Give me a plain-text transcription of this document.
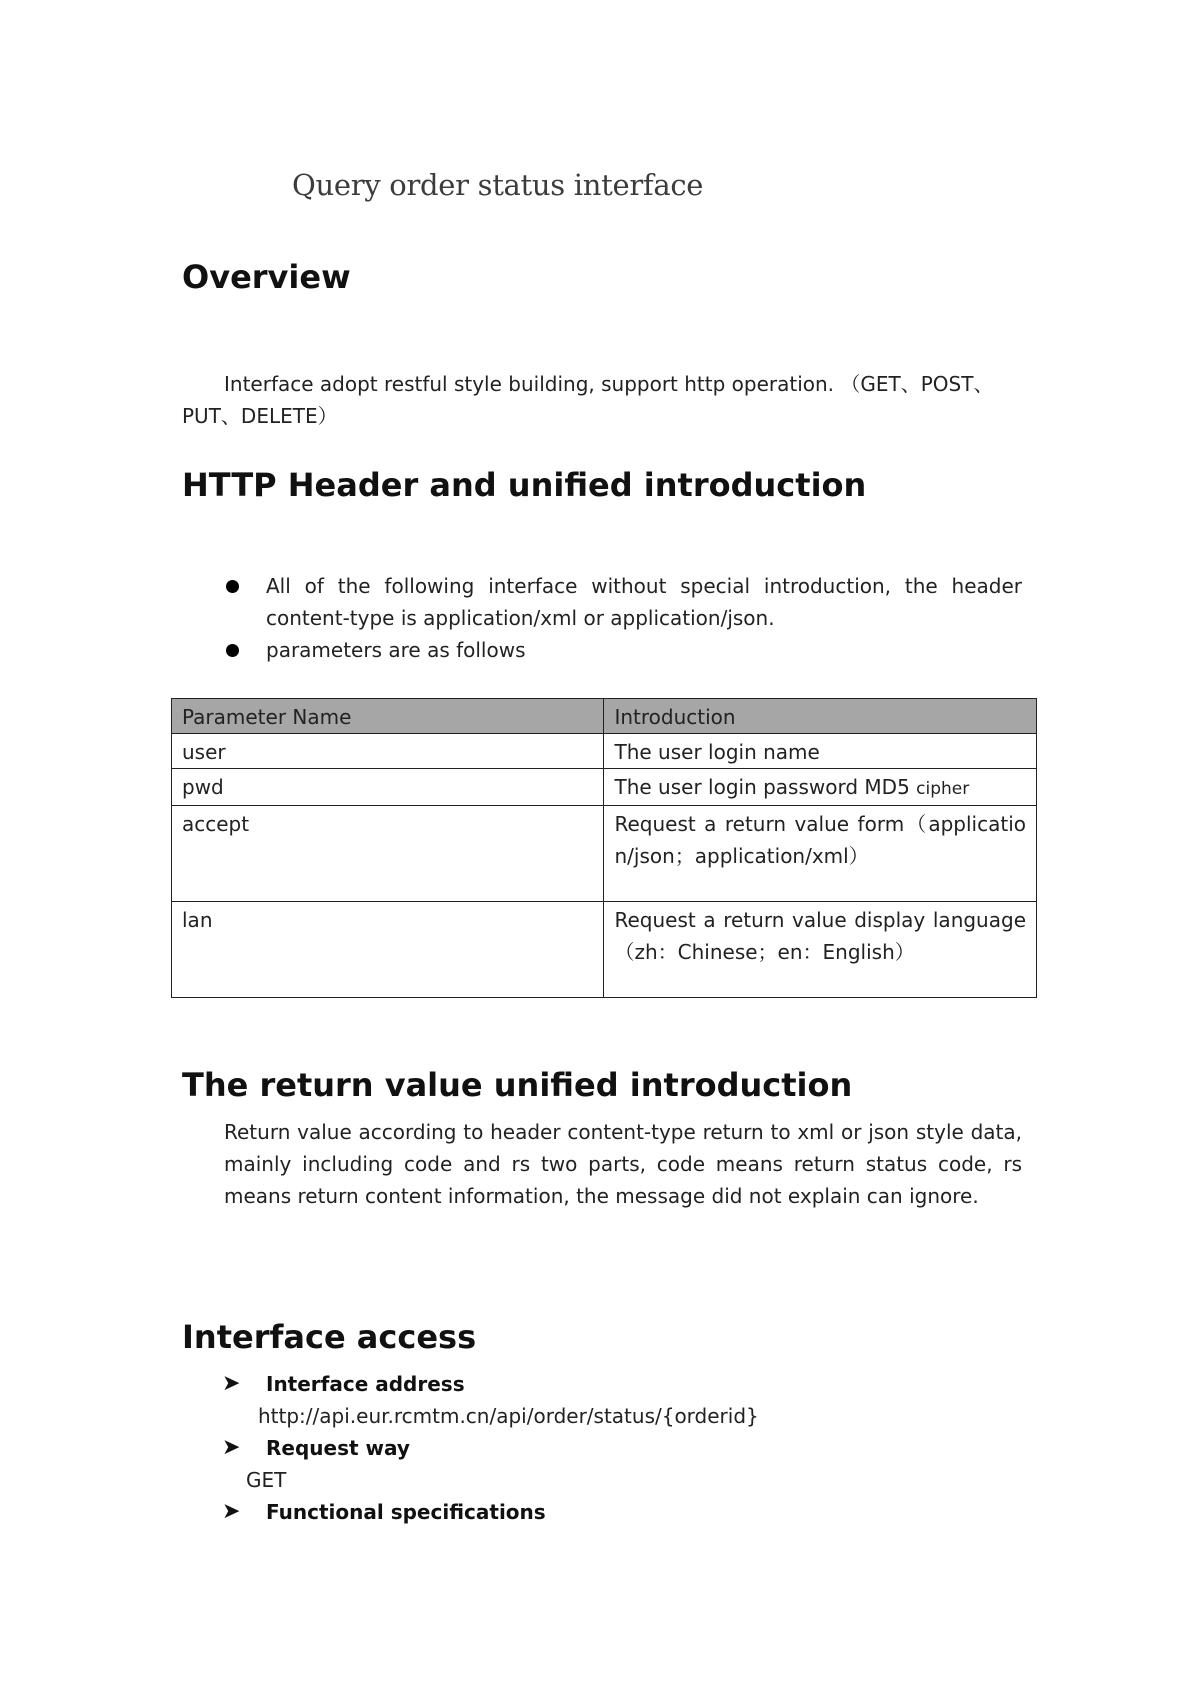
Query order status interface
Overview

Interface adopt restful style building, support http operation. （GET、POST、PUT、DELETE）

HTTP Header and unified introduction
All of the following interface without special introduction, the header content-type is application/xml or application/json.
parameters are as follows
Parameter Name	Introduction
user	The user login name
pwd	The user login password MD5 cipher
accept	Request a return value form（application/json；application/xml）
lan	Request a return value display language （zh：Chinese；en：English）
The return value unified introduction

Return value according to header content-type return to xml or json style data, mainly including code and rs two parts, code means return status code, rs means return content information, the message did not explain can ignore.

Interface access
➤ Interface address
http://api.eur.rcmtm.cn/api/order/status/{orderid}
➤ Request way
GET
➤ Functional specifications
